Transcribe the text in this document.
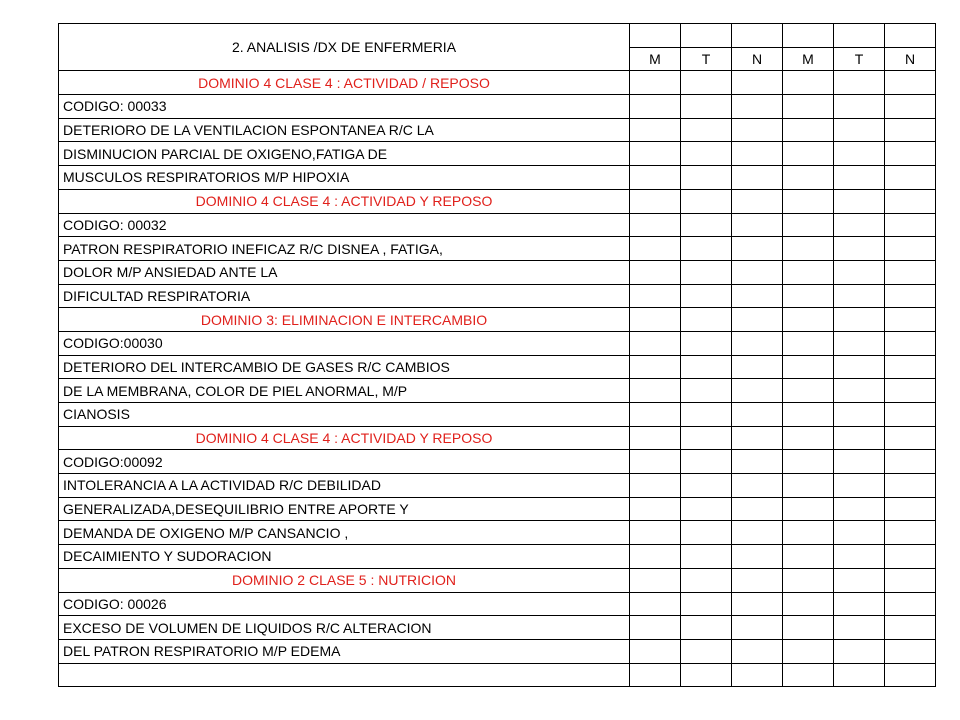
2. ANALISIS /DX DE ENFERMERIA						
	M	T	N	M	T	N
DOMINIO 4 CLASE 4 : ACTIVIDAD / REPOSO						
CODIGO: 00033						
DETERIORO DE LA VENTILACION ESPONTANEA R/C LA						
DISMINUCION PARCIAL DE OXIGENO,FATIGA DE						
MUSCULOS RESPIRATORIOS M/P HIPOXIA						
DOMINIO 4 CLASE 4 : ACTIVIDAD Y REPOSO						
CODIGO: 00032						
PATRON RESPIRATORIO INEFICAZ R/C DISNEA , FATIGA,						
DOLOR M/P ANSIEDAD ANTE LA						
DIFICULTAD RESPIRATORIA						
DOMINIO 3: ELIMINACION E INTERCAMBIO						
CODIGO:00030						
DETERIORO DEL INTERCAMBIO DE GASES R/C CAMBIOS						
DE LA MEMBRANA, COLOR DE PIEL ANORMAL, M/P						
CIANOSIS						
DOMINIO 4 CLASE 4 : ACTIVIDAD Y REPOSO						
CODIGO:00092						
INTOLERANCIA A LA ACTIVIDAD R/C DEBILIDAD						
GENERALIZADA,DESEQUILIBRIO ENTRE APORTE Y						
DEMANDA DE OXIGENO M/P CANSANCIO ,						
DECAIMIENTO Y SUDORACION						
DOMINIO 2 CLASE 5 : NUTRICION						
CODIGO: 00026						
EXCESO DE VOLUMEN DE LIQUIDOS R/C ALTERACION						
DEL PATRON RESPIRATORIO M/P EDEMA						
